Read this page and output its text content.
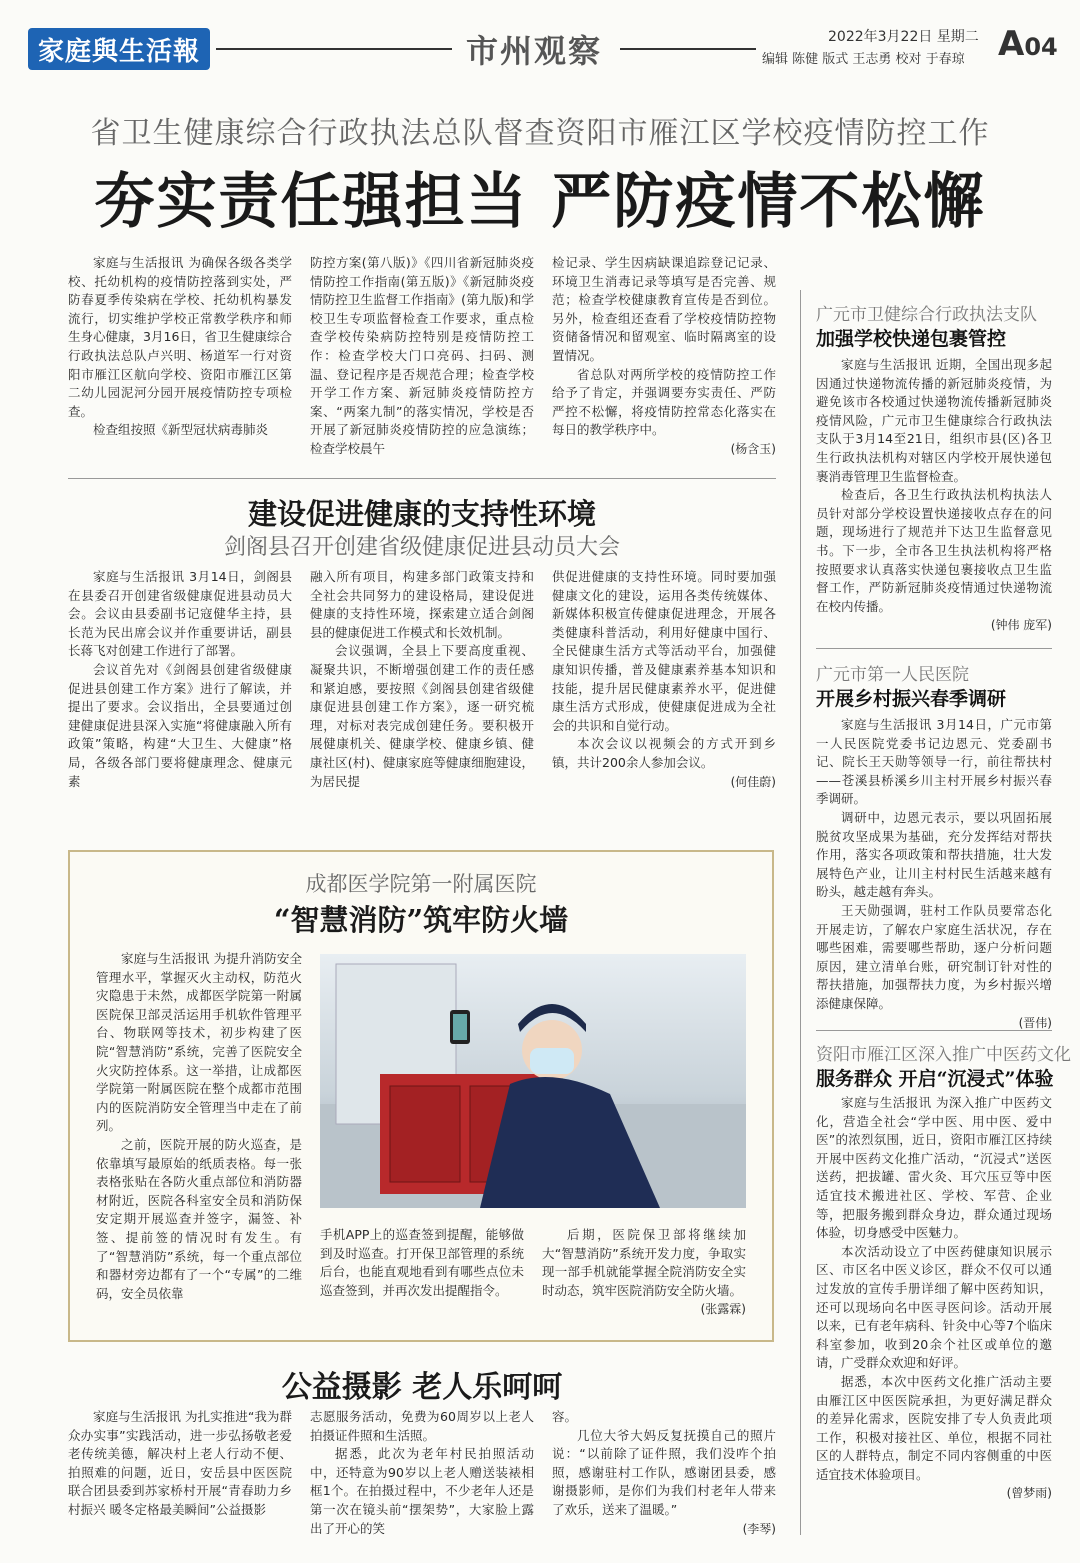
家庭與生活報	市州观察	2022年3月22日 星期二
编辑 陈健 版式 王志勇 校对 于春琼 A04
省卫生健康综合行政执法总队督查资阳市雁江区学校疫情防控工作
夯实责任强担当 严防疫情不松懈

家庭与生活报讯 为确保各级各类学校、托幼机构的疫情防控落到实处，严防春夏季传染病在学校、托幼机构暴发流行，切实维护学校正常教学秩序和师生身心健康，3月16日，省卫生健康综合行政执法总队卢兴明、杨道军一行对资阳市雁江区航向学校、资阳市雁江区第二幼儿园泥河分园开展疫情防控专项检查。

检查组按照《新型冠状病毒肺炎

防控方案(第八版)》《四川省新冠肺炎疫情防控工作指南(第五版)》《新冠肺炎疫情防控卫生监督工作指南》(第九版)和学校卫生专项监督检查工作要求，重点检查学校传染病防控特别是疫情防控工作：检查学校大门口亮码、扫码、测温、登记程序是否规范合理；检查学校开学工作方案、新冠肺炎疫情防控方案、“两案九制”的落实情况，学校是否开展了新冠肺炎疫情防控的应急演练；检查学校晨午

检记录、学生因病缺课追踪登记记录、环境卫生消毒记录等填写是否完善、规范；检查学校健康教育宣传是否到位。另外，检查组还查看了学校疫情防控物资储备情况和留观室、临时隔离室的设置情况。

省总队对两所学校的疫情防控工作给予了肯定，并强调要夯实责任、严防严控不松懈，将疫情防控常态化落实在每日的教学秩序中。

(杨含玉)
建设促进健康的支持性环境
剑阁县召开创建省级健康促进县动员大会

家庭与生活报讯 3月14日，剑阁县在县委召开创建省级健康促进县动员大会。会议由县委副书记寇健华主持，县长范为民出席会议并作重要讲话，副县长蒋飞对创建工作进行了部署。

会议首先对《剑阁县创建省级健康促进县创建工作方案》进行了解读，并提出了要求。会议指出，全县要通过创建健康促进县深入实施“将健康融入所有政策”策略，构建“大卫生、大健康”格局，各级各部门要将健康理念、健康元素

融入所有项目，构建多部门政策支持和全社会共同努力的建设格局，建设促进健康的支持性环境，探索建立适合剑阁县的健康促进工作模式和长效机制。

会议强调，全县上下要高度重视、凝聚共识，不断增强创建工作的责任感和紧迫感，要按照《剑阁县创建省级健康促进县创建工作方案》，逐一研究梳理，对标对表完成创建任务。要积极开展健康机关、健康学校、健康乡镇、健康社区(村)、健康家庭等健康细胞建设，为居民提

供促进健康的支持性环境。同时要加强健康文化的建设，运用各类传统媒体、新媒体积极宣传健康促进理念，开展各类健康科普活动，利用好健康中国行、全民健康生活方式等活动平台，加强健康知识传播，普及健康素养基本知识和技能，提升居民健康素养水平，促进健康生活方式形成，使健康促进成为全社会的共识和自觉行动。

本次会议以视频会的方式开到乡镇，共计200余人参加会议。

(何佳蔚)
成都医学院第一附属医院
“智慧消防”筑牢防火墙

家庭与生活报讯 为提升消防安全管理水平，掌握灭火主动权，防范火灾隐患于未然，成都医学院第一附属医院保卫部灵活运用手机软件管理平台、物联网等技术，初步构建了医院“智慧消防”系统，完善了医院安全火灾防控体系。这一举措，让成都医学院第一附属医院在整个成都市范围内的医院消防安全管理当中走在了前列。

之前，医院开展的防火巡查，是依靠填写最原始的纸质表格。每一张表格张贴在各防火重点部位和消防器材附近，医院各科室安全员和消防保安定期开展巡查并签字，漏签、补签、提前签的情况时有发生。有了“智慧消防”系统，每一个重点部位和器材旁边都有了一个“专属”的二维码，安全员依靠

手机APP上的巡查签到提醒，能够做到及时巡查。打开保卫部管理的系统后台，也能直观地看到有哪些点位未巡查签到，并再次发出提醒指令。

后期，医院保卫部将继续加大“智慧消防”系统开发力度，争取实现一部手机就能掌握全院消防安全实时动态，筑牢医院消防安全防火墙。

(张露霖)
公益摄影 老人乐呵呵

家庭与生活报讯 为扎实推进“我为群众办实事”实践活动，进一步弘扬敬老爱老传统美德，解决村上老人行动不便、拍照难的问题，近日，安岳县中医医院联合团县委到苏家桥村开展“青春助力乡村振兴 暖冬定格最美瞬间”公益摄影

志愿服务活动，免费为60周岁以上老人拍摄证件照和生活照。

据悉，此次为老年村民拍照活动中，还特意为90岁以上老人赠送装裱相框1个。在拍摄过程中，不少老年人还是第一次在镜头前“摆架势”，大家脸上露出了开心的笑

容。

几位大爷大妈反复抚摸自己的照片说：“以前除了证件照，我们没咋个拍照，感谢驻村工作队，感谢团县委，感谢摄影师，是你们为我们村老年人带来了欢乐，送来了温暖。”

(李琴)
广元市卫健综合行政执法支队
加强学校快递包裹管控

家庭与生活报讯 近期，全国出现多起因通过快递物流传播的新冠肺炎疫情，为避免该市各校通过快递物流传播新冠肺炎疫情风险，广元市卫生健康综合行政执法支队于3月14至21日，组织市县(区)各卫生行政执法机构对辖区内学校开展快递包裹消毒管理卫生监督检查。

检查后，各卫生行政执法机构执法人员针对部分学校设置快递接收点存在的问题，现场进行了规范并下达卫生监督意见书。下一步，全市各卫生执法机构将严格按照要求认真落实快递包裹接收点卫生监督工作，严防新冠肺炎疫情通过快递物流在校内传播。

(钟伟 庞军)
广元市第一人民医院
开展乡村振兴春季调研

家庭与生活报讯 3月14日，广元市第一人民医院党委书记边恩元、党委副书记、院长王天勋等领导一行，前往帮扶村——苍溪县桥溪乡川主村开展乡村振兴春季调研。

调研中，边恩元表示，要以巩固拓展脱贫攻坚成果为基础，充分发挥结对帮扶作用，落实各项政策和帮扶措施，壮大发展特色产业，让川主村村民生活越来越有盼头，越走越有奔头。

王天勋强调，驻村工作队员要常态化开展走访，了解农户家庭生活状况，存在哪些困难，需要哪些帮助，逐户分析问题原因，建立清单台账，研究制订针对性的帮扶措施，加强帮扶力度，为乡村振兴增添健康保障。

(晋伟)
资阳市雁江区深入推广中医药文化
服务群众 开启“沉浸式”体验

家庭与生活报讯 为深入推广中医药文化，营造全社会“学中医、用中医、爱中医”的浓烈氛围，近日，资阳市雁江区持续开展中医药文化推广活动，“沉浸式”送医送药，把拔罐、雷火灸、耳穴压豆等中医适宜技术搬进社区、学校、军营、企业等，把服务搬到群众身边，群众通过现场体验，切身感受中医魅力。

本次活动设立了中医药健康知识展示区、市区名中医义诊区，群众不仅可以通过发放的宣传手册详细了解中医药知识，还可以现场向名中医寻医问诊。活动开展以来，已有老年病科、针灸中心等7个临床科室参加，收到20余个社区或单位的邀请，广受群众欢迎和好评。

据悉，本次中医药文化推广活动主要由雁江区中医医院承担，为更好满足群众的差异化需求，医院安排了专人负责此项工作，积极对接社区、单位，根据不同社区的人群特点，制定不同内容侧重的中医适宜技术体验项目。

(曾梦雨)
